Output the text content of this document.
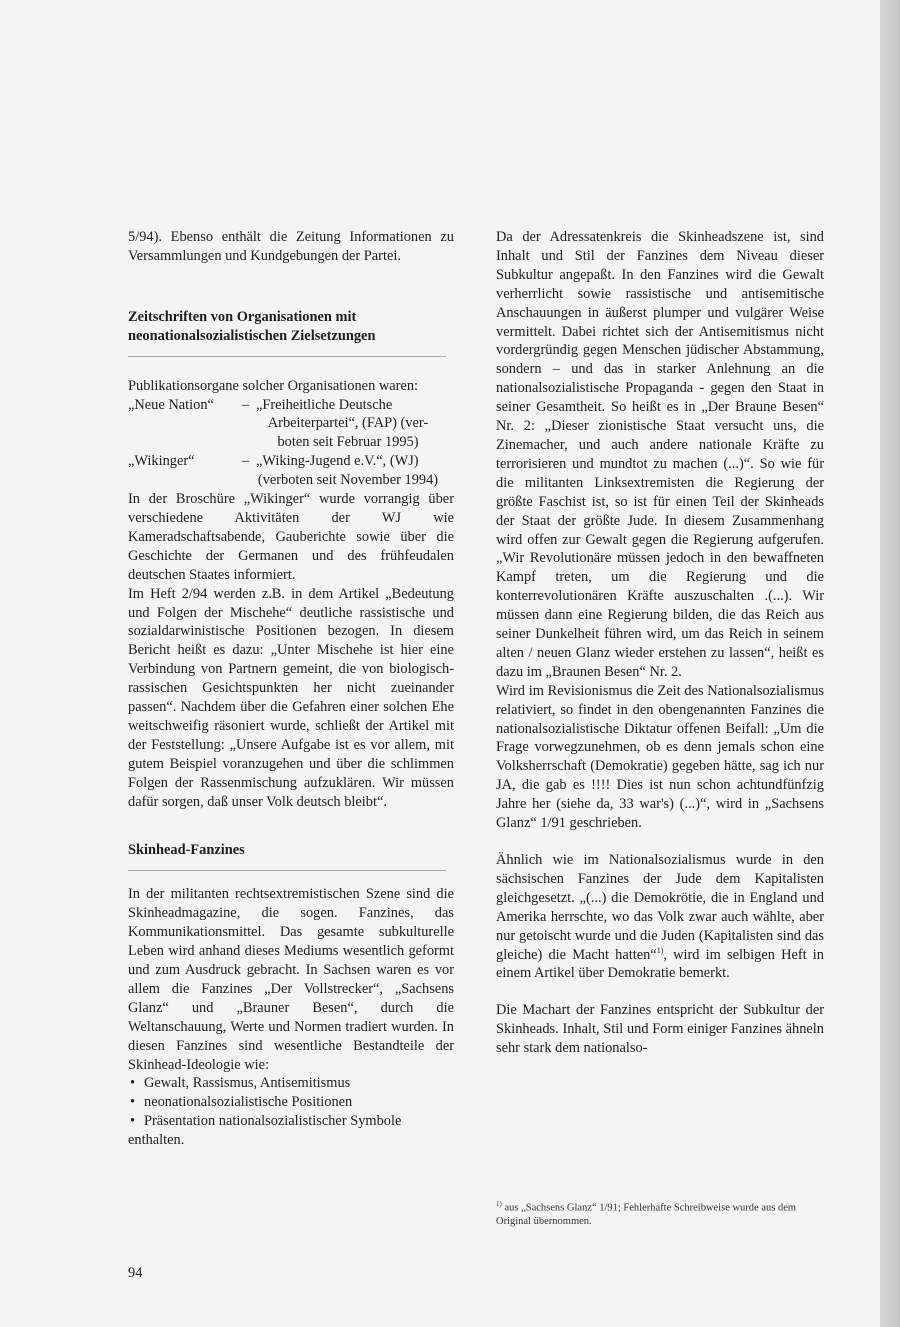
5/94). Ebenso enthält die Zeitung Informationen zu Versammlungen und Kundgebungen der Partei.

Zeitschriften von Organisationen mit neonationalsozialistischen Zielsetzungen

Publikationsorgane solcher Organisationen waren:

„Neue Nation“	– „Freiheitliche Deutsche
Arbeiterpartei“, (FAP) (ver-
boten seit Februar 1995)
„Wikinger“	– „Wiking-Jugend e.V.“, (WJ)
(verboten seit November 1994)

In der Broschüre „Wikinger“ wurde vorrangig über verschiedene Aktivitäten der WJ wie Kameradschaftsabende, Gauberichte sowie über die Geschichte der Germanen und des frühfeudalen deutschen Staates informiert.

Im Heft 2/94 werden z.B. in dem Artikel „Bedeutung und Folgen der Mischehe“ deutliche rassistische und sozialdarwinistische Positionen bezogen. In diesem Bericht heißt es dazu: „Unter Mischehe ist hier eine Verbindung von Partnern gemeint, die von biologisch-rassischen Gesichtspunkten her nicht zueinander passen“. Nachdem über die Gefahren einer solchen Ehe weitschweifig räsoniert wurde, schließt der Artikel mit der Feststellung: „Unsere Aufgabe ist es vor allem, mit gutem Beispiel voranzugehen und über die schlimmen Folgen der Rassenmischung aufzuklären. Wir müssen dafür sorgen, daß unser Volk deutsch bleibt“.

Skinhead-Fanzines

In der militanten rechtsextremistischen Szene sind die Skinheadmagazine, die sogen. Fanzines, das Kommunikationsmittel. Das gesamte subkulturelle Leben wird anhand dieses Mediums wesentlich geformt und zum Ausdruck gebracht. In Sachsen waren es vor allem die Fanzines „Der Vollstrecker“, „Sachsens Glanz“ und „Brauner Besen“, durch die Weltanschauung, Werte und Normen tradiert wurden. In diesen Fanzines sind wesentliche Bestandteile der Skinhead-Ideologie wie:

• Gewalt, Rassismus, Antisemitismus
• neonationalsozialistische Positionen
• Präsentation nationalsozialistischer Symbole

enthalten.

Da der Adressatenkreis die Skinheadszene ist, sind Inhalt und Stil der Fanzines dem Niveau dieser Subkultur angepaßt. In den Fanzines wird die Gewalt verherrlicht sowie rassistische und antisemitische Anschauungen in äußerst plumper und vulgärer Weise vermittelt. Dabei richtet sich der Antisemitismus nicht vordergründig gegen Menschen jüdischer Abstammung, sondern – und das in starker Anlehnung an die nationalsozialistische Propaganda - gegen den Staat in seiner Gesamtheit. So heißt es in „Der Braune Besen“ Nr. 2: „Dieser zionistische Staat versucht uns, die Zinemacher, und auch andere nationale Kräfte zu terrorisieren und mundtot zu machen (...)“. So wie für die militanten Linksextremisten die Regierung der größte Faschist ist, so ist für einen Teil der Skinheads der Staat der größte Jude. In diesem Zusammenhang wird offen zur Gewalt gegen die Regierung aufgerufen. „Wir Revolutionäre müssen jedoch in den bewaffneten Kampf treten, um die Regierung und die konterrevolutionären Kräfte auszuschalten .(...). Wir müssen dann eine Regierung bilden, die das Reich aus seiner Dunkelheit führen wird, um das Reich in seinem alten / neuen Glanz wieder erstehen zu lassen“, heißt es dazu im „Braunen Besen“ Nr. 2.

Wird im Revisionismus die Zeit des Nationalsozialismus relativiert, so findet in den obengenannten Fanzines die nationalsozialistische Diktatur offenen Beifall: „Um die Frage vorwegzunehmen, ob es denn jemals schon eine Volksherrschaft (Demokratie) gegeben hätte, sag ich nur JA, die gab es !!!! Dies ist nun schon achtundfünfzig Jahre her (siehe da, 33 war's) (...)“, wird in „Sachsens Glanz“ 1/91 geschrieben.

Ähnlich wie im Nationalsozialismus wurde in den sächsischen Fanzines der Jude dem Kapitalisten gleichgesetzt. „(...) die Demokrötie, die in England und Amerika herrschte, wo das Volk zwar auch wählte, aber nur getoischt wurde und die Juden (Kapitalisten sind das gleiche) die Macht hatten“$^{1)}$, wird im selbigen Heft in einem Artikel über Demokratie bemerkt.

Die Machart der Fanzines entspricht der Subkultur der Skinheads. Inhalt, Stil und Form einiger Fanzines ähneln sehr stark dem nationalso-

$^{1)}$ aus „Sachsens Glanz“ 1/91; Fehlerhafte Schreibweise wurde aus dem Original übernommen.
94
